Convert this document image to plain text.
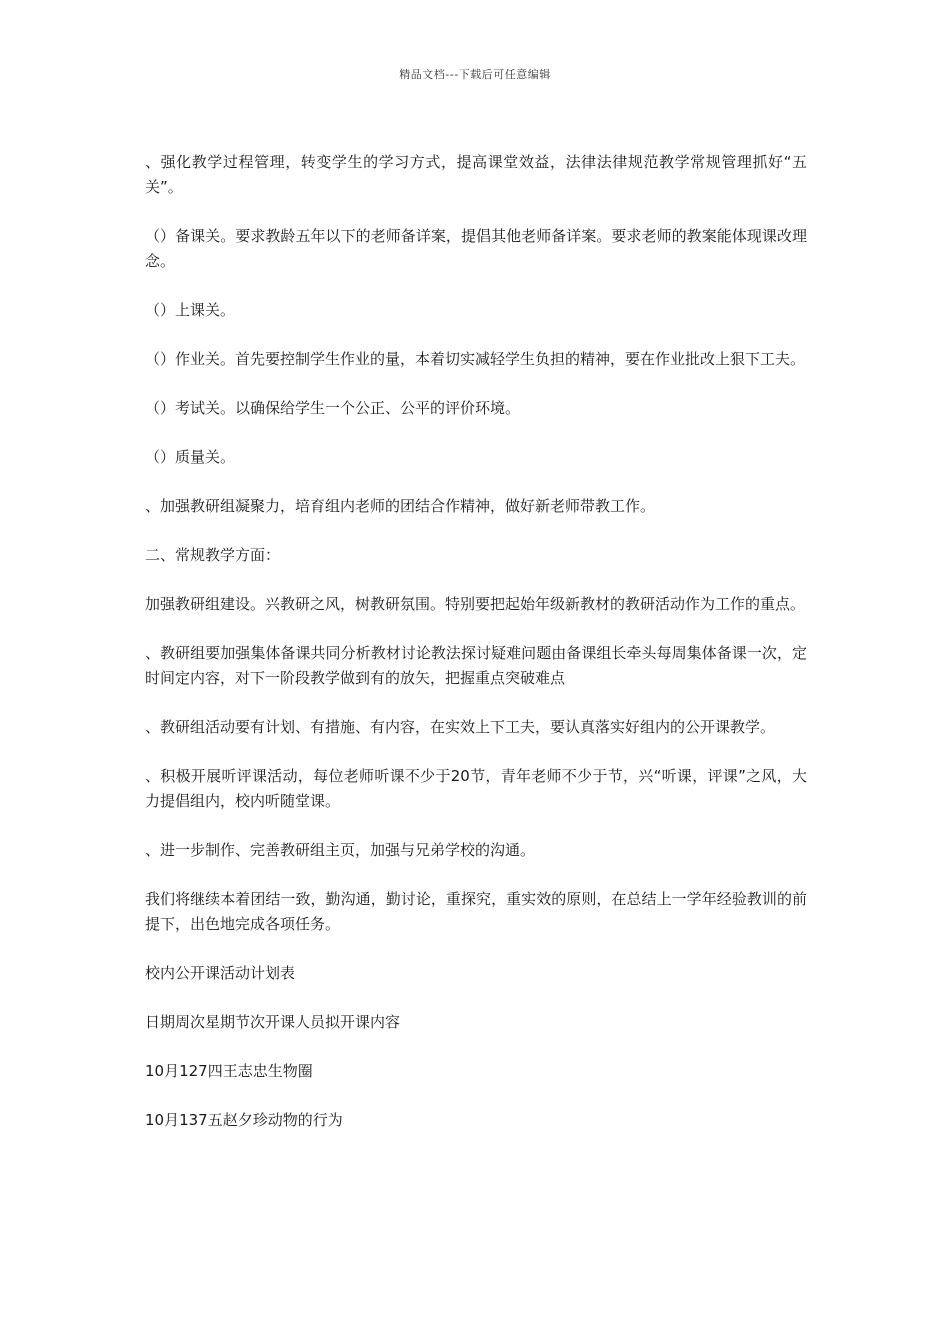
精品文档---下载后可任意编辑

、强化教学过程管理，转变学生的学习方式，提高课堂效益，法律法律规范教学常规管理抓好“五关”。

（）备课关。要求教龄五年以下的老师备详案，提倡其他老师备详案。要求老师的教案能体现课改理念。

（）上课关。

（）作业关。首先要控制学生作业的量，本着切实减轻学生负担的精神，要在作业批改上狠下工夫。

（）考试关。以确保给学生一个公正、公平的评价环境。

（）质量关。

、加强教研组凝聚力，培育组内老师的团结合作精神，做好新老师带教工作。

二、常规教学方面：

加强教研组建设。兴教研之风，树教研氛围。特别要把起始年级新教材的教研活动作为工作的重点。

、教研组要加强集体备课共同分析教材讨论教法探讨疑难问题由备课组长牵头每周集体备课一次，定时间定内容，对下一阶段教学做到有的放矢，把握重点突破难点

、教研组活动要有计划、有措施、有内容，在实效上下工夫，要认真落实好组内的公开课教学。

、积极开展听评课活动，每位老师听课不少于20节，青年老师不少于节，兴“听课，评课”之风，大力提倡组内，校内听随堂课。

、进一步制作、完善教研组主页，加强与兄弟学校的沟通。

我们将继续本着团结一致，勤沟通，勤讨论，重探究，重实效的原则，在总结上一学年经验教训的前提下，出色地完成各项任务。

校内公开课活动计划表

日期周次星期节次开课人员拟开课内容

10月127四王志忠生物圈

10月137五赵夕珍动物的行为
